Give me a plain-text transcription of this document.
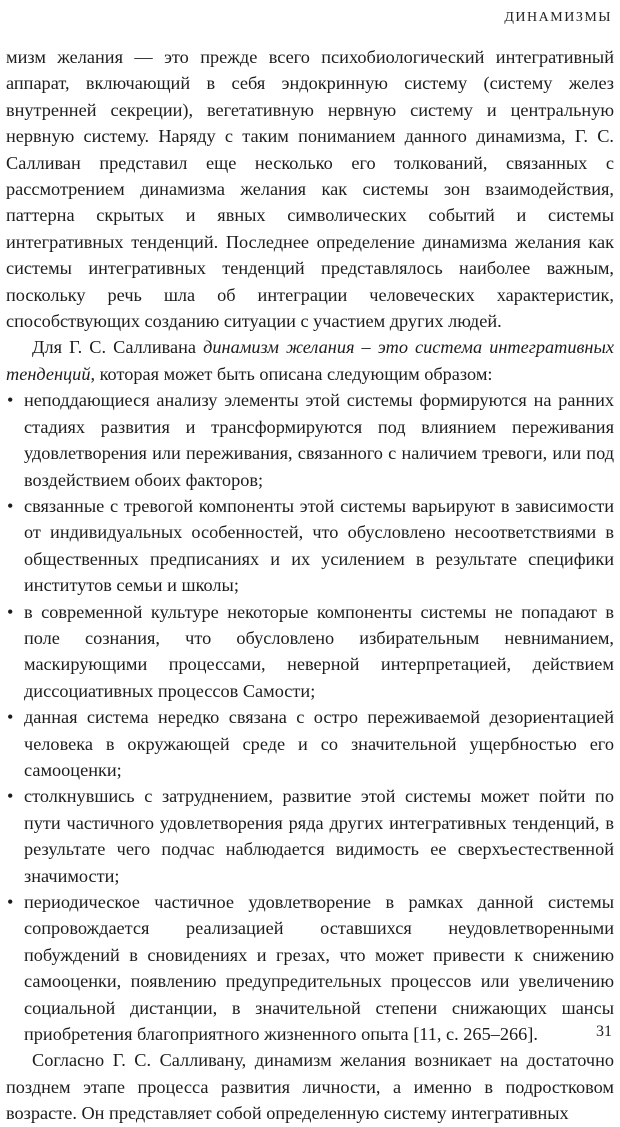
ДИНАМИЗМЫ

мизм желания — это прежде всего психобиологический интегративный аппарат, включающий в себя эндокринную систему (систему желез внутренней секреции), вегетативную нервную систему и центральную нервную систему. Наряду с таким пониманием данного динамизма, Г. С. Салливан представил еще несколько его толкований, связанных с рассмотрением динамизма желания как системы зон взаимодействия, паттерна скрытых и явных символических событий и системы интегративных тенденций. Последнее определение динамизма желания как системы интегративных тенденций представлялось наиболее важным, поскольку речь шла об интеграции человеческих характеристик, способствующих созданию ситуации с участием других людей.

Для Г. С. Салливана динамизм желания – это система интегративных тенденций, которая может быть описана следующим образом:

• неподдающиеся анализу элементы этой системы формируются на ранних стадиях развития и трансформируются под влиянием переживания удовлетворения или переживания, связанного с наличием тревоги, или под воздействием обоих факторов;
• связанные с тревогой компоненты этой системы варьируют в зависимости от индивидуальных особенностей, что обусловлено несоответствиями в общественных предписаниях и их усилением в результате специфики институтов семьи и школы;
• в современной культуре некоторые компоненты системы не попадают в поле сознания, что обусловлено избирательным невниманием, маскирующими процессами, неверной интерпретацией, действием диссоциативных процессов Самости;
• данная система нередко связана с остро переживаемой дезориентацией человека в окружающей среде и со значительной ущербностью его самооценки;
• столкнувшись с затруднением, развитие этой системы может пойти по пути частичного удовлетворения ряда других интегративных тенденций, в результате чего подчас наблюдается видимость ее сверхъестественной значимости;
• периодическое частичное удовлетворение в рамках данной системы сопровождается реализацией оставшихся неудовлетворенными побуждений в сновидениях и грезах, что может привести к снижению самооценки, появлению предупредительных процессов или увеличению социальной дистанции, в значительной степени снижающих шансы приобретения благоприятного жизненного опыта [11, с. 265–266].

Согласно Г. С. Салливану, динамизм желания возникает на достаточно позднем этапе процесса развития личности, а именно в подростковом возрасте. Он представляет собой определенную систему интегративных

31
